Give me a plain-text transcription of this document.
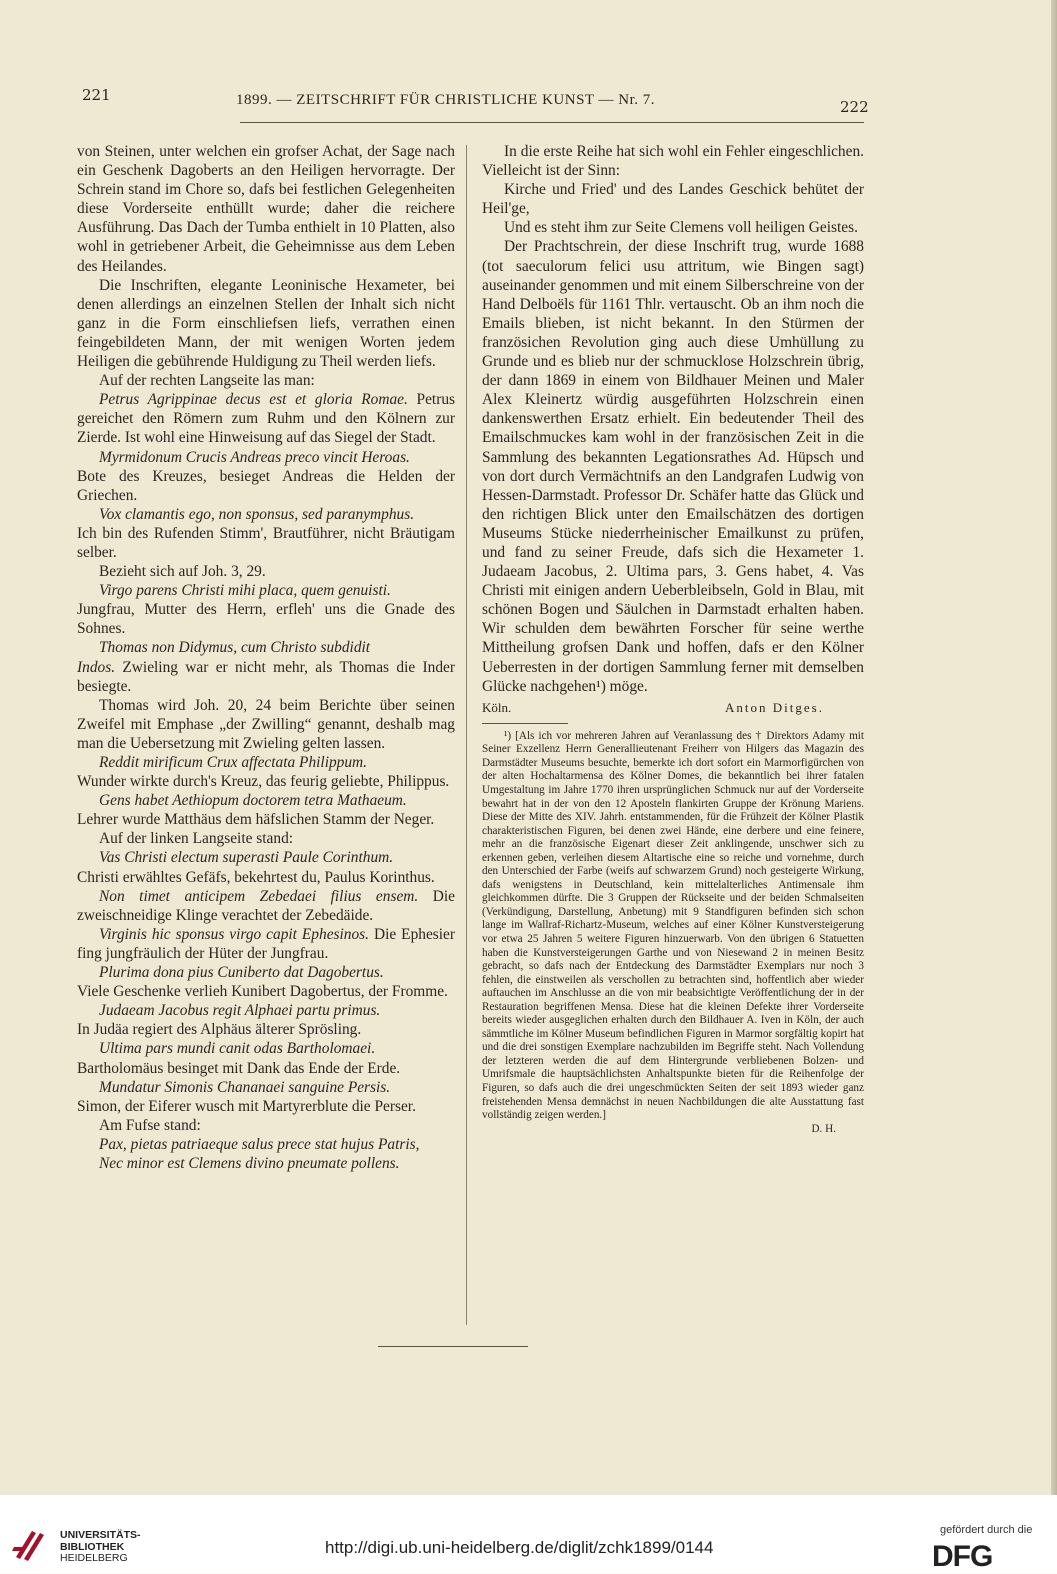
221	1899. — ZEITSCHRIFT FÜR CHRISTLICHE KUNST — Nr. 7.	222

von Steinen, unter welchen ein grofser Achat, der Sage nach ein Geschenk Dagoberts an den Heiligen hervorragte. Der Schrein stand im Chore so, dafs bei festlichen Gelegenheiten diese Vorderseite enthüllt wurde; daher die reichere Ausführung. Das Dach der Tumba enthielt in 10 Platten, also wohl in getriebener Arbeit, die Geheimnisse aus dem Leben des Heilandes.

Die Inschriften, elegante Leoninische Hexameter, bei denen allerdings an einzelnen Stellen der Inhalt sich nicht ganz in die Form einschliefsen liefs, verrathen einen feingebildeten Mann, der mit wenigen Worten jedem Heiligen die gebührende Huldigung zu Theil werden liefs.

Auf der rechten Langseite las man:

Petrus Agrippinae decus est et gloria Romae. Petrus gereichet den Römern zum Ruhm und den Kölnern zur Zierde. Ist wohl eine Hinweisung auf das Siegel der Stadt.

Myrmidonum Crucis Andreas preco vincit Heroas.

Bote des Kreuzes, besieget Andreas die Helden der Griechen.

Vox clamantis ego, non sponsus, sed paranymphus.

Ich bin des Rufenden Stimm', Brautführer, nicht Bräutigam selber.

Bezieht sich auf Joh. 3, 29.

Virgo parens Christi mihi placa, quem genuisti.

Jungfrau, Mutter des Herrn, erfleh' uns die Gnade des Sohnes.

Thomas non Didymus, cum Christo subdidit

Indos. Zwieling war er nicht mehr, als Thomas die Inder besiegte.

Thomas wird Joh. 20, 24 beim Berichte über seinen Zweifel mit Emphase „der Zwilling“ genannt, deshalb mag man die Uebersetzung mit Zwieling gelten lassen.

Reddit mirificum Crux affectata Philippum.

Wunder wirkte durch's Kreuz, das feurig geliebte, Philippus.

Gens habet Aethiopum doctorem tetra Mathaeum.

Lehrer wurde Matthäus dem häfslichen Stamm der Neger.

Auf der linken Langseite stand:

Vas Christi electum superasti Paule Corinthum.

Christi erwähltes Gefäfs, bekehrtest du, Paulus Korinthus.

Non timet anticipem Zebedaei filius ensem. Die zweischneidige Klinge verachtet der Zebedäide.

Virginis hic sponsus virgo capit Ephesinos. Die Ephesier fing jungfräulich der Hüter der Jungfrau.

Plurima dona pius Cuniberto dat Dagobertus.

Viele Geschenke verlieh Kunibert Dagobertus, der Fromme.

Judaeam Jacobus regit Alphaei partu primus.

In Judäa regiert des Alphäus älterer Sprösling.

Ultima pars mundi canit odas Bartholomaei.

Bartholomäus besinget mit Dank das Ende der Erde.

Mundatur Simonis Chananaei sanguine Persis.

Simon, der Eiferer wusch mit Martyrerblute die Perser.

Am Fufse stand:

Pax, pietas patriaeque salus prece stat hujus Patris,

Nec minor est Clemens divino pneumate pollens.

In die erste Reihe hat sich wohl ein Fehler eingeschlichen. Vielleicht ist der Sinn:

Kirche und Fried' und des Landes Geschick behütet der Heil'ge,

Und es steht ihm zur Seite Clemens voll heiligen Geistes.

Der Prachtschrein, der diese Inschrift trug, wurde 1688 (tot saeculorum felici usu attritum, wie Bingen sagt) auseinander genommen und mit einem Silberschreine von der Hand Delboëls für 1161 Thlr. vertauscht. Ob an ihm noch die Emails blieben, ist nicht bekannt. In den Stürmen der französichen Revolution ging auch diese Umhüllung zu Grunde und es blieb nur der schmucklose Holzschrein übrig, der dann 1869 in einem von Bildhauer Meinen und Maler Alex Kleinertz würdig ausgeführten Holzschrein einen dankenswerthen Ersatz erhielt. Ein bedeutender Theil des Emailschmuckes kam wohl in der französischen Zeit in die Sammlung des bekannten Legationsrathes Ad. Hüpsch und von dort durch Vermächtnifs an den Landgrafen Ludwig von Hessen-Darmstadt. Professor Dr. Schäfer hatte das Glück und den richtigen Blick unter den Emailschätzen des dortigen Museums Stücke niederrheinischer Emailkunst zu prüfen, und fand zu seiner Freude, dafs sich die Hexameter 1. Judaeam Jacobus, 2. Ultima pars, 3. Gens habet, 4. Vas Christi mit einigen andern Ueberbleibseln, Gold in Blau, mit schönen Bogen und Säulchen in Darmstadt erhalten haben. Wir schulden dem bewährten Forscher für seine werthe Mittheilung grofsen Dank und hoffen, dafs er den Kölner Ueberresten in der dortigen Sammlung ferner mit demselben Glücke nachgehen¹) möge.

Köln.	Anton Ditges.

¹) [Als ich vor mehreren Jahren auf Veranlassung des † Direktors Adamy mit Seiner Exzellenz Herrn Generallieutenant Freiherr von Hilgers das Magazin des Darmstädter Museums besuchte, bemerkte ich dort sofort ein Marmorfigürchen von der alten Hochaltarmensa des Kölner Domes, die bekanntlich bei ihrer fatalen Umgestaltung im Jahre 1770 ihren ursprünglichen Schmuck nur auf der Vorderseite bewahrt hat in der von den 12 Aposteln flankirten Gruppe der Krönung Mariens. Diese der Mitte des XIV. Jahrh. entstammenden, für die Frühzeit der Kölner Plastik charakteristischen Figuren, bei denen zwei Hände, eine derbere und eine feinere, mehr an die französische Eigenart dieser Zeit anklingende, unschwer sich zu erkennen geben, verleihen diesem Altartische eine so reiche und vornehme, durch den Unterschied der Farbe (weifs auf schwarzem Grund) noch gesteigerte Wirkung, dafs wenigstens in Deutschland, kein mittelalterliches Antimensale ihm gleichkommen dürfte. Die 3 Gruppen der Rückseite und der beiden Schmalseiten (Verkündigung, Darstellung, Anbetung) mit 9 Standfiguren befinden sich schon lange im Wallraf-Richartz-Museum, welches auf einer Kölner Kunstversteigerung vor etwa 25 Jahren 5 weitere Figuren hinzuerwarb. Von den übrigen 6 Statuetten haben die Kunstversteigerungen Garthe und von Niesewand 2 in meinen Besitz gebracht, so dafs nach der Entdeckung des Darmstädter Exemplars nur noch 3 fehlen, die einstweilen als verschollen zu betrachten sind, hoffentlich aber wieder auftauchen im Anschlusse an die von mir beabsichtigte Veröffentlichung der in der Restauration begriffenen Mensa. Diese hat die kleinen Defekte ihrer Vorderseite bereits wieder ausgeglichen erhalten durch den Bildhauer A. Iven in Köln, der auch sämmtliche im Kölner Museum befindlichen Figuren in Marmor sorgfältig kopirt hat und die drei sonstigen Exemplare nachzubilden im Begriffe steht. Nach Vollendung der letzteren werden die auf dem Hintergrunde verbliebenen Bolzen- und Umrifsmale die hauptsächlichsten Anhaltspunkte bieten für die Reihenfolge der Figuren, so dafs auch die drei ungeschmückten Seiten der seit 1893 wieder ganz freistehenden Mensa demnächst in neuen Nachbildungen die alte Ausstattung fast vollständig zeigen werden.]

D. H.

UNIVERSITÄTS-
BIBLIOTHEK
HEIDELBERG
http://digi.ub.uni-heidelberg.de/diglit/zchk1899/0144
gefördert durch die
DFG
